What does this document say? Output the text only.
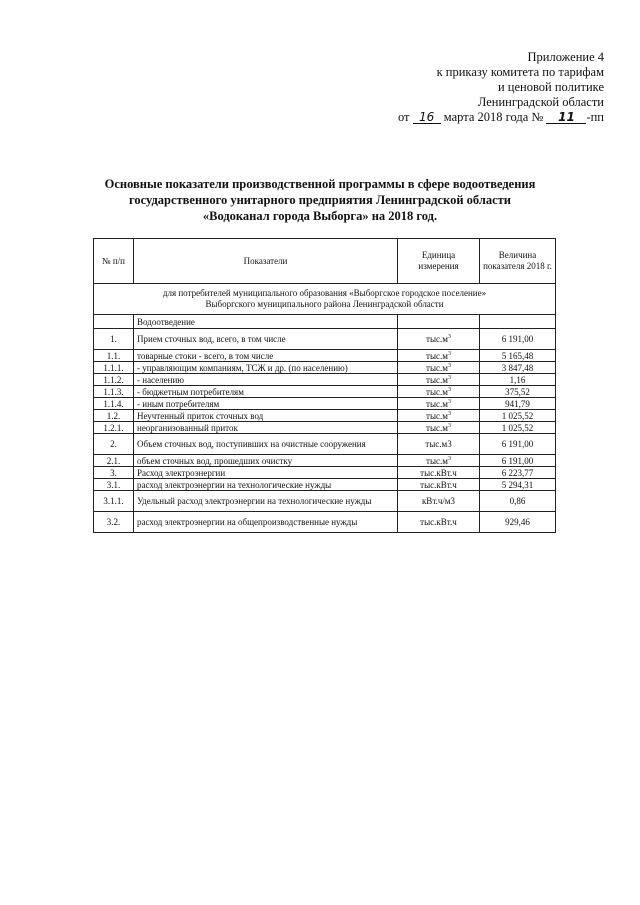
Приложение 4
к приказу комитета по тарифам
и ценовой политике
Ленинградской области
от 16 марта 2018 года № 11 -пп
Основные показатели производственной программы в сфере водоотведения
государственного унитарного предприятия Ленинградской области
«Водоканал города Выборга» на 2018 год.
№ п/п	Показатели	Единица измерения	Величина показателя 2018 г.
для потребителей муниципального образования «Выборгское городское поселение»
Выборгского муниципального района Ленинградской области			
	Водоотведение		
1.	Прием сточных вод, всего, в том числе	$тыс.м^3$	6 191,00
1.1.	товарные стоки - всего, в том числе	$тыс.м^3$	5 165,48
1.1.1.	- управляющим компаниям, ТСЖ и др. (по населению)	$тыс.м^3$	3 847,48
1.1.2.	- населению	$тыс.м^3$	1,16
1.1.3.	- бюджетным потребителям	$тыс.м^3$	375,52
1.1.4.	- иным потребителям	$тыс.м^3$	941,79
1.2.	Неучтенный приток сточных вод	$тыс.м^3$	1 025,52
1.2.1.	неорганизованный приток	$тыс.м^3$	1 025,52
2.	Объем сточных вод, поступивших на очистные сооружения	тыс.м3	6 191,00
2.1.	объем сточных вод, прошедших очистку	$тыс.м^3$	6 191,00
3.	Расход электроэнергии	тыс.кВт.ч	6 223,77
3.1.	расход электроэнергии на технологические нужды	тыс.кВт.ч	5 294,31
3.1.1.	Удельный расход электроэнергии на технологические нужды	кВт.ч/м3	0,86
3.2.	расход электроэнергии на общепроизводственные нужды	тыс.кВт.ч	929,46
